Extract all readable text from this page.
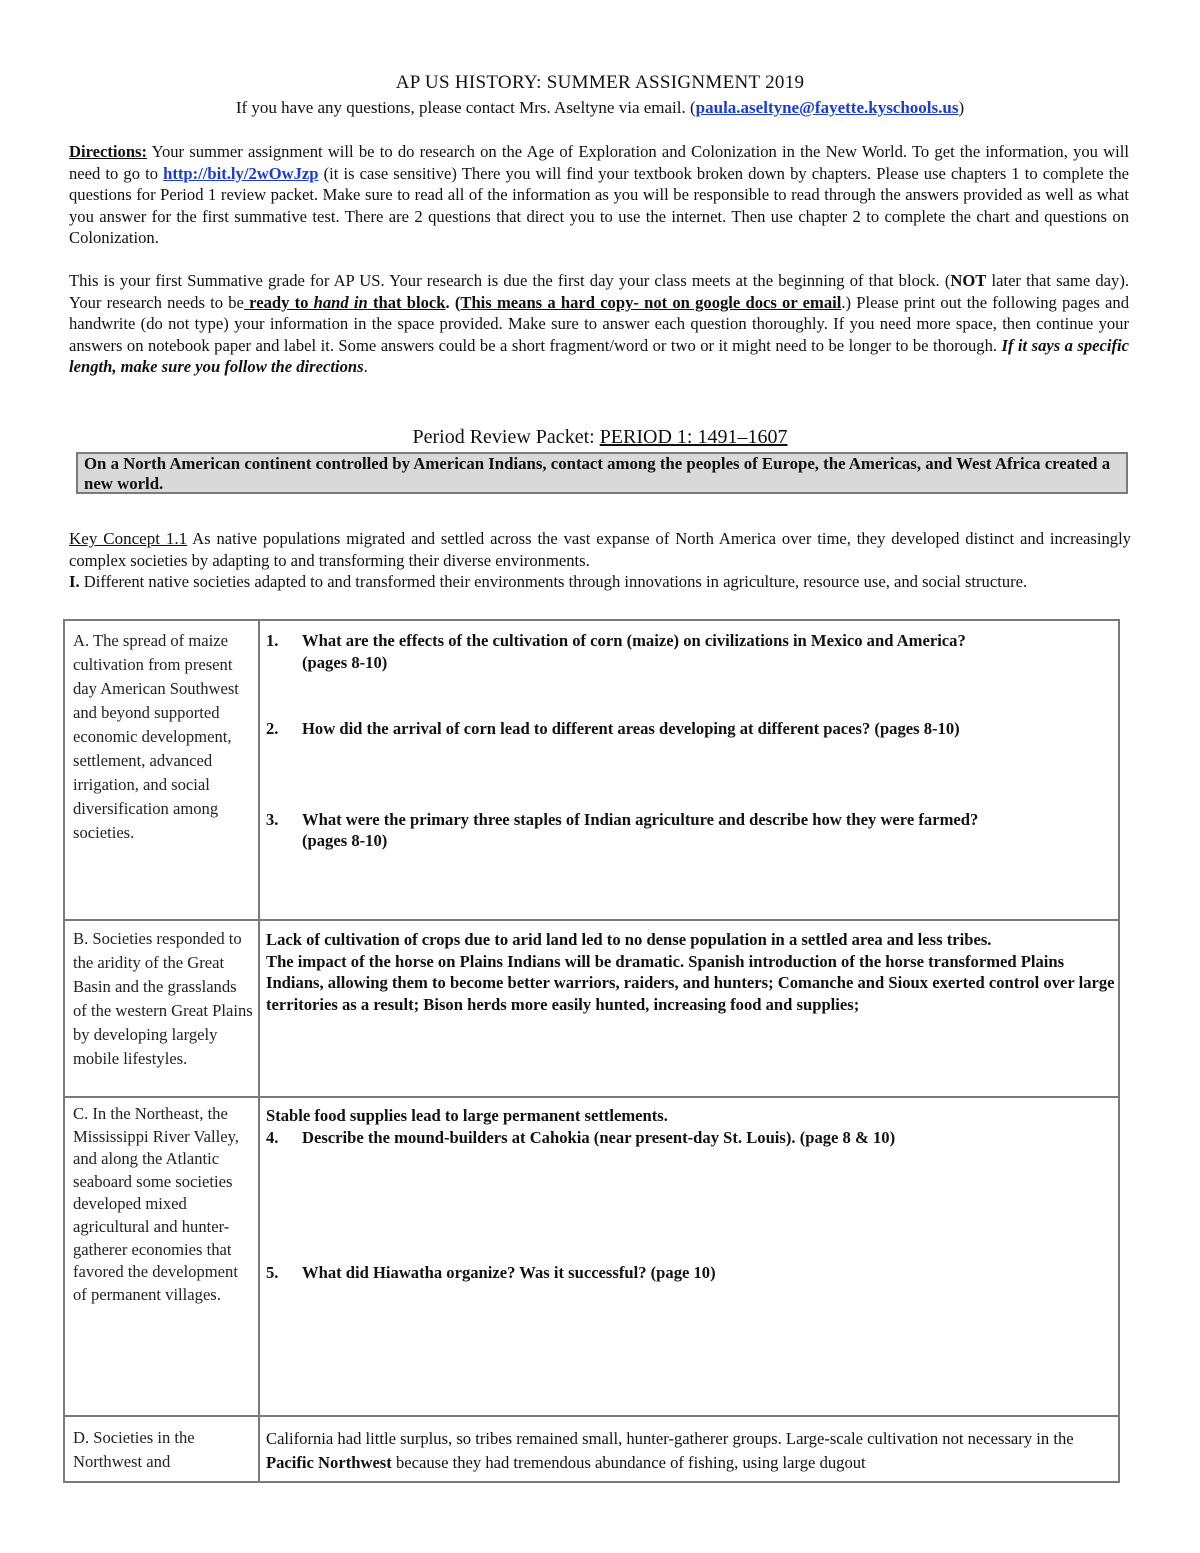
AP US HISTORY: SUMMER ASSIGNMENT 2019
If you have any questions, please contact Mrs. Aseltyne via email. (paula.aseltyne@fayette.kyschools.us)
Directions: Your summer assignment will be to do research on the Age of Exploration and Colonization in the New World. To get the information, you will need to go to http://bit.ly/2wOwJzp (it is case sensitive) There you will find your textbook broken down by chapters. Please use chapters 1 to complete the questions for Period 1 review packet. Make sure to read all of the information as you will be responsible to read through the answers provided as well as what you answer for the first summative test. There are 2 questions that direct you to use the internet. Then use chapter 2 to complete the chart and questions on Colonization.
This is your first Summative grade for AP US. Your research is due the first day your class meets at the beginning of that block. (NOT later that same day). Your research needs to be ready to hand in that block. (This means a hard copy- not on google docs or email.) Please print out the following pages and handwrite (do not type) your information in the space provided. Make sure to answer each question thoroughly. If you need more space, then continue your answers on notebook paper and label it. Some answers could be a short fragment/word or two or it might need to be longer to be thorough. If it says a specific length, make sure you follow the directions.
Period Review Packet: PERIOD 1: 1491–1607
On a North American continent controlled by American Indians, contact among the peoples of Europe, the Americas, and West Africa created a new world.
Key Concept 1.1 As native populations migrated and settled across the vast expanse of North America over time, they developed distinct and increasingly complex societies by adapting to and transforming their diverse environments.
I. Different native societies adapted to and transformed their environments through innovations in agriculture, resource use, and social structure.
A. The spread of maize cultivation from present day American Southwest and beyond supported economic development, settlement, advanced irrigation, and social diversification among societies.
1. What are the effects of the cultivation of corn (maize) on civilizations in Mexico and America?
(pages 8-10)
2. How did the arrival of corn lead to different areas developing at different paces? (pages 8-10)
3. What were the primary three staples of Indian agriculture and describe how they were farmed?
(pages 8-10)
B. Societies responded to the aridity of the Great Basin and the grasslands of the western Great Plains by developing largely mobile lifestyles.
Lack of cultivation of crops due to arid land led to no dense population in a settled area and less tribes.
The impact of the horse on Plains Indians will be dramatic. Spanish introduction of the horse transformed Plains Indians, allowing them to become better warriors, raiders, and hunters; Comanche and Sioux exerted control over large territories as a result; Bison herds more easily hunted, increasing food and supplies;
C. In the Northeast, the Mississippi River Valley, and along the Atlantic seaboard some societies developed mixed agricultural and hunter- gatherer economies that favored the development of permanent villages.
Stable food supplies lead to large permanent settlements.
4. Describe the mound-builders at Cahokia (near present-day St. Louis). (page 8 & 10)
5. What did Hiawatha organize? Was it successful? (page 10)
D. Societies in the Northwest and
California had little surplus, so tribes remained small, hunter-gatherer groups. Large-scale cultivation not necessary in the Pacific Northwest because they had tremendous abundance of fishing, using large dugout
